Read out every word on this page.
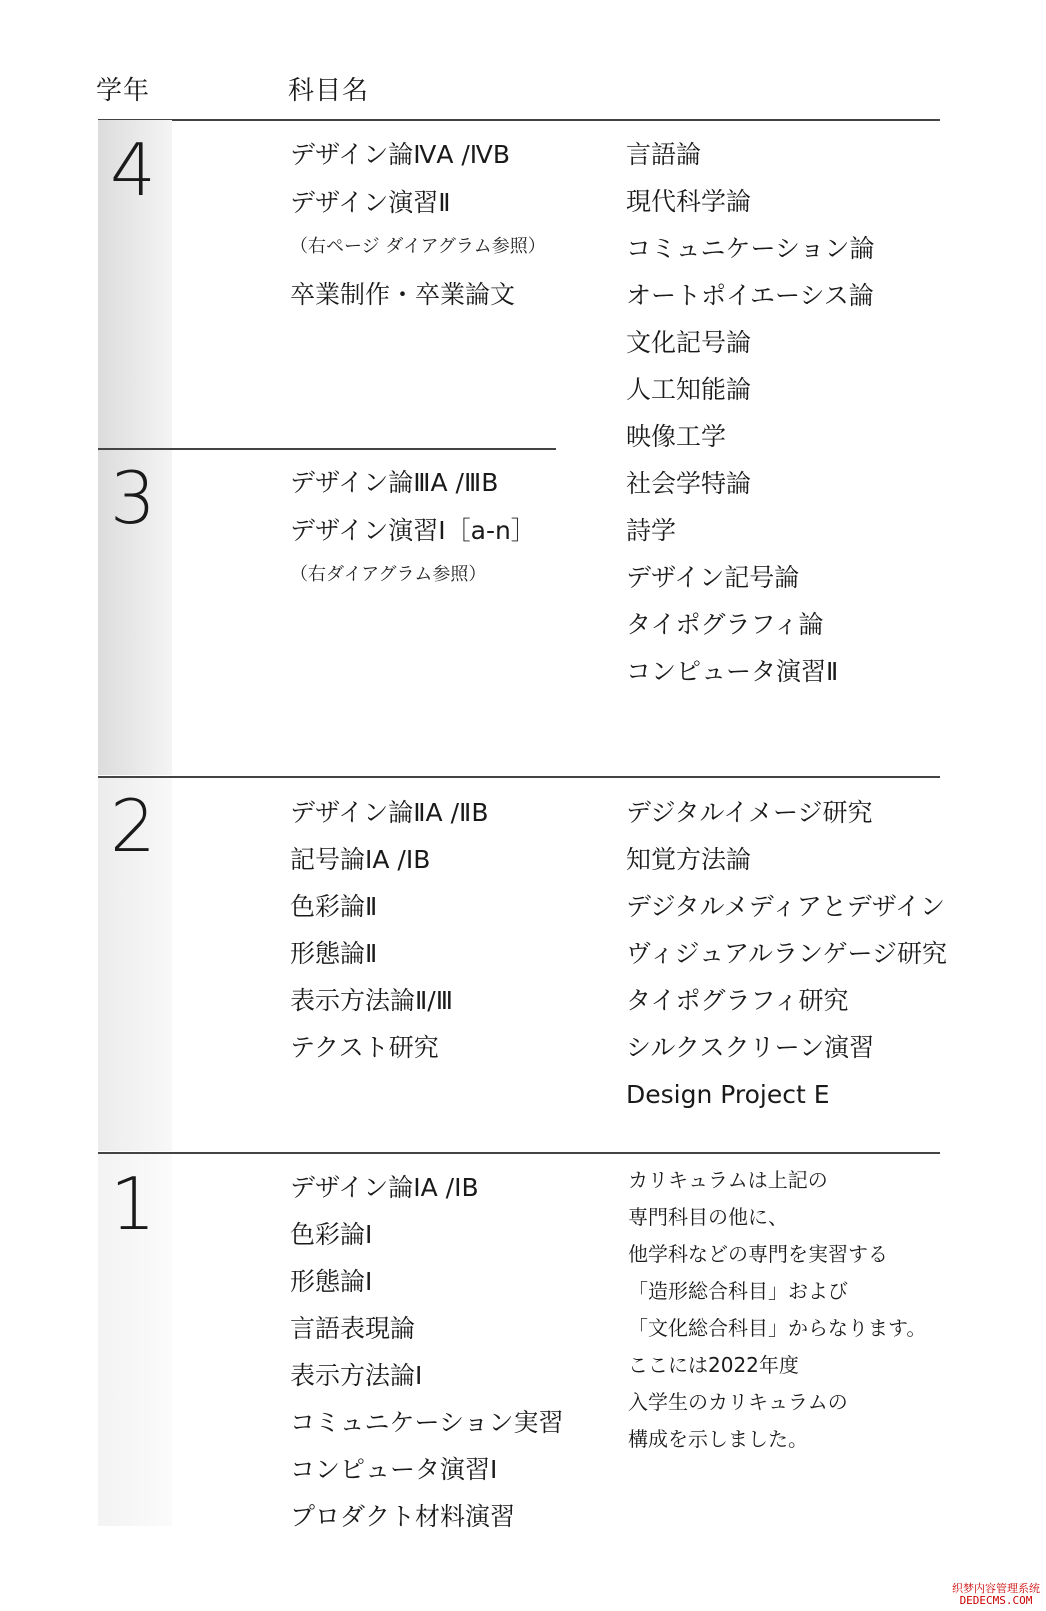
学年	科目名
4
3
2
1
デザイン論ⅣA /ⅣB
デザイン演習Ⅱ
（右ページ ダイアグラム参照）
卒業制作・卒業論文
デザイン論ⅢA /ⅢB
デザイン演習Ⅰ［a-n］
（右ダイアグラム参照）
言語論
現代科学論
コミュニケーション論
オートポイエーシス論
文化記号論
人工知能論
映像工学
社会学特論
詩学
デザイン記号論
タイポグラフィ論
コンピュータ演習Ⅱ
デザイン論ⅡA /ⅡB
記号論ⅠA /ⅠB
色彩論Ⅱ
形態論Ⅱ
表示方法論Ⅱ/Ⅲ
テクスト研究
デジタルイメージ研究
知覚方法論
デジタルメディアとデザイン
ヴィジュアルランゲージ研究
タイポグラフィ研究
シルクスクリーン演習
Design Project E
デザイン論ⅠA /ⅠB
色彩論Ⅰ
形態論Ⅰ
言語表現論
表示方法論Ⅰ
コミュニケーション実習
コンピュータ演習Ⅰ
プロダクト材料演習
カリキュラムは上記の
専門科目の他に、
他学科などの専門を実習する
「造形総合科目」および
「文化総合科目」からなります。
ここには2022年度
入学生のカリキュラムの
構成を示しました。
织梦内容管理系统
DEDECMS.COM
